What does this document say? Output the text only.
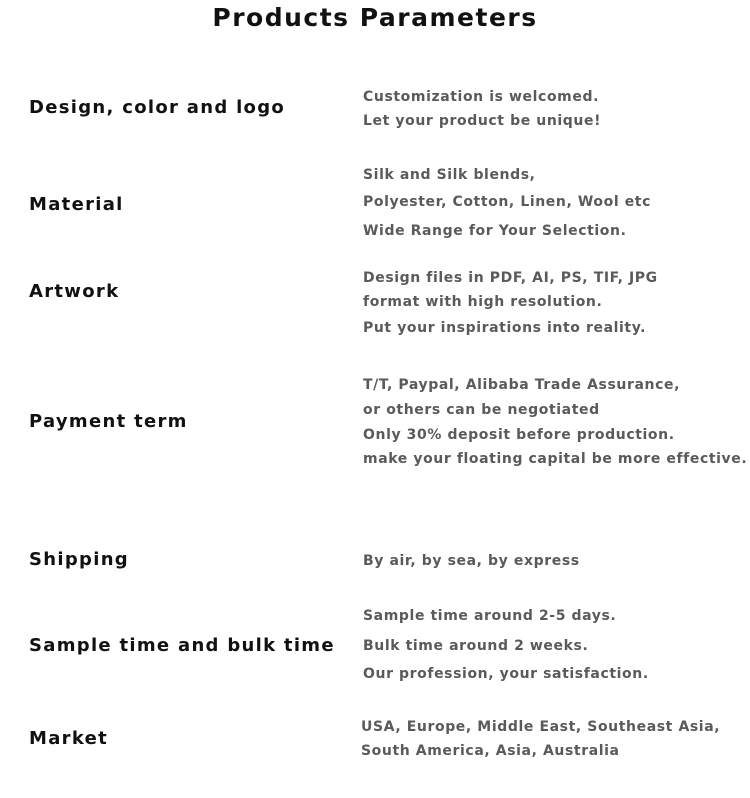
Products Parameters
Design, color and logo	Customization is welcomed.
Let your product be unique!
Material
Silk and Silk blends,
Polyester, Cotton, Linen, Wool etc
Wide Range for Your Selection.
Artwork
Design files in PDF, AI, PS, TIF, JPG
format with high resolution.
Put your inspirations into reality.
Payment term
T/T, Paypal, Alibaba Trade Assurance,
or others can be negotiated
Only 30% deposit before production.
make your floating capital be more effective.
Shipping	By air, by sea, by express
Sample time and bulk time
Sample time around 2-5 days.
Bulk time around 2 weeks.
Our profession, your satisfaction.
Market
USA, Europe, Middle East, Southeast Asia,
South America, Asia, Australia
